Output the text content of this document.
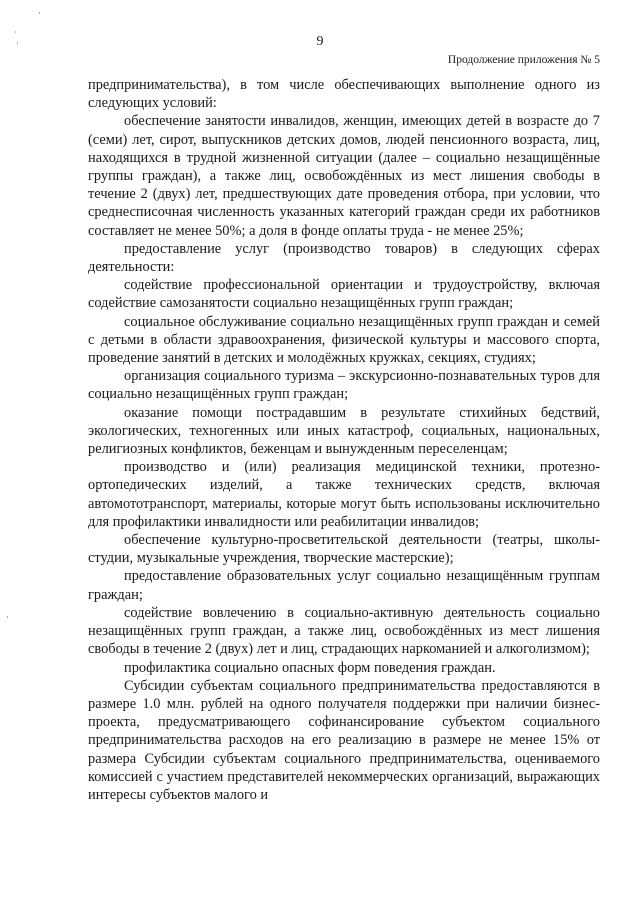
·
˙
·
·
9
Продолжение приложения № 5

предпринимательства), в том числе обеспечивающих выполнение одного из следующих условий:

обеспечение занятости инвалидов, женщин, имеющих детей в возрасте до 7 (семи) лет, сирот, выпускников детских домов, людей пенсионного возраста, лиц, находящихся в трудной жизненной ситуации (далее – социально незащищённые группы граждан), а также лиц, освобождённых из мест лишения свободы в течение 2 (двух) лет, предшествующих дате проведения отбора, при условии, что среднесписочная численность указанных категорий граждан среди их работников составляет не менее 50%; а доля в фонде оплаты труда - не менее 25%;

предоставление услуг (производство товаров) в следующих сферах деятельности:

содействие профессиональной ориентации и трудоустройству, включая содействие самозанятости социально незащищённых групп граждан;

социальное обслуживание социально незащищённых групп граждан и семей с детьми в области здравоохранения, физической культуры и массового спорта, проведение занятий в детских и молодёжных кружках, секциях, студиях;

организация социального туризма – экскурсионно-познавательных туров для социально незащищённых групп граждан;

оказание помощи пострадавшим в результате стихийных бедствий, экологических, техногенных или иных катастроф, социальных, национальных, религиозных конфликтов, беженцам и вынужденным переселенцам;

производство и (или) реализация медицинской техники, протезно-ортопедических изделий, а также технических средств, включая автомототранспорт, материалы, которые могут быть использованы исключительно для профилактики инвалидности или реабилитации инвалидов;

обеспечение культурно-просветительской деятельности (театры, школы-студии, музыкальные учреждения, творческие мастерские);

предоставление образовательных услуг социально незащищённым группам граждан;

содействие вовлечению в социально-активную деятельность социально незащищённых групп граждан, а также лиц, освобождённых из мест лишения свободы в течение 2 (двух) лет и лиц, страдающих наркоманией и алкоголизмом);

профилактика социально опасных форм поведения граждан.

Субсидии субъектам социального предпринимательства предоставляются в размере 1.0 млн. рублей на одного получателя поддержки при наличии бизнес-проекта, предусматривающего софинансирование субъектом социального предпринимательства расходов на его реализацию в размере не менее 15% от размера Субсидии субъектам социального предпринимательства, оцениваемого комиссией с участием представителей некоммерческих организаций, выражающих интересы субъектов малого и
